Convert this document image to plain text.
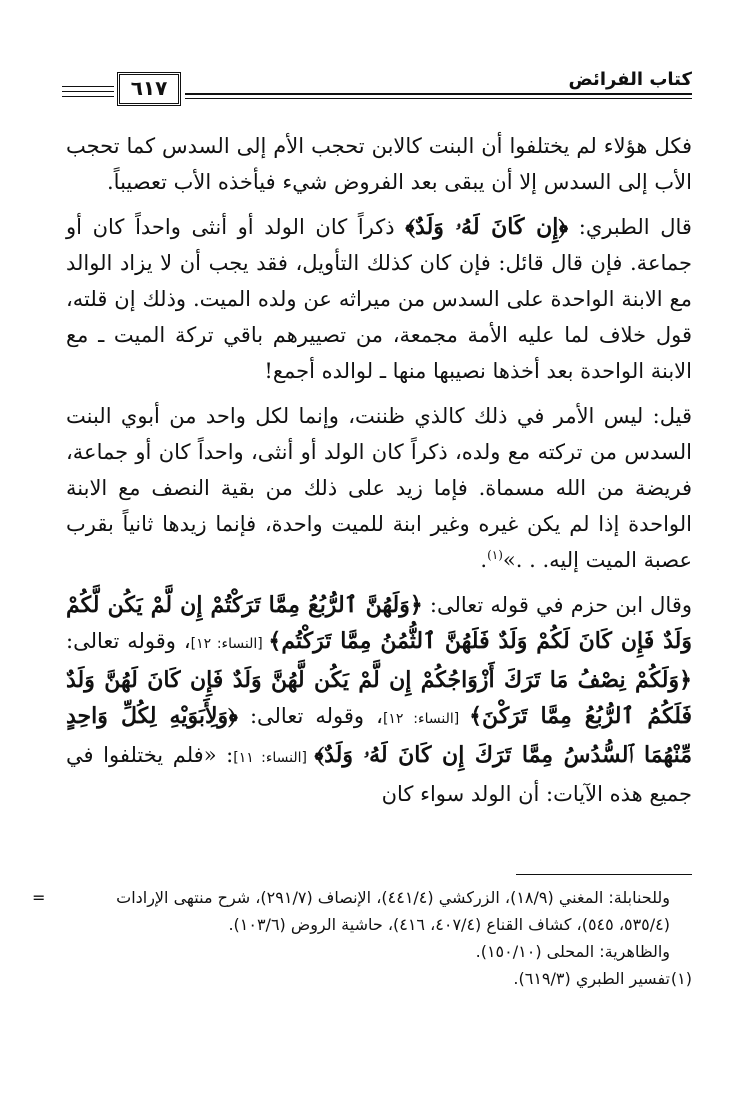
كتاب الفرائض
٦١٧

فكل هؤلاء لم يختلفوا أن البنت كالابن تحجب الأم إلى السدس كما تحجب الأب إلى السدس إلا أن يبقى بعد الفروض شيء فيأخذه الأب تعصيباً.

قال الطبري: ﴿إِن كَانَ لَهُۥ وَلَدٌ﴾ ذكراً كان الولد أو أنثى واحداً كان أو جماعة. فإن قال قائل: فإن كان كذلك التأويل، فقد يجب أن لا يزاد الوالد مع الابنة الواحدة على السدس من ميراثه عن ولده الميت. وذلك إن قلته، قول خلاف لما عليه الأمة مجمعة، من تصييرهم باقي تركة الميت ـ مع الابنة الواحدة بعد أخذها نصيبها منها ـ لوالده أجمع!

قيل: ليس الأمر في ذلك كالذي ظننت، وإنما لكل واحد من أبوي البنت السدس من تركته مع ولده، ذكراً كان الولد أو أنثى، واحداً كان أو جماعة، فريضة من الله مسماة. فإما زيد على ذلك من بقية النصف مع الابنة الواحدة إذا لم يكن غيره وغير ابنة للميت واحدة، فإنما زيدها ثانياً بقرب عصبة الميت إليه. . .»$^{(١)}$.

وقال ابن حزم في قوله تعالى: ﴿وَلَهُنَّ ٱلرُّبُعُ مِمَّا تَرَكْتُمْ إِن لَّمْ يَكُن لَّكُمْ وَلَدٌ فَإِن كَانَ لَكُمْ وَلَدٌ فَلَهُنَّ ٱلثُّمُنُ مِمَّا تَرَكْتُم﴾ [النساء: ١٢]، وقوله تعالى: ﴿وَلَكُمْ نِصْفُ مَا تَرَكَ أَزْوَاجُكُمْ إِن لَّمْ يَكُن لَّهُنَّ وَلَدٌ فَإِن كَانَ لَهُنَّ وَلَدٌ فَلَكُمُ ٱلرُّبُعُ مِمَّا تَرَكْنَ﴾ [النساء: ١٢]، وقوله تعالى: ﴿وَلِأَبَوَيْهِ لِكُلِّ وَاحِدٍ مِّنْهُمَا ٱلسُّدُسُ مِمَّا تَرَكَ إِن كَانَ لَهُۥ وَلَدٌ﴾ [النساء: ١١]: «فلم يختلفوا في جميع هذه الآيات: أن الولد سواء كان

=	وللحنابلة: المغني (١٨/٩)، الزركشي (٤٤١/٤)، الإنصاف (٢٩١/٧)، شرح منتهى الإرادات (٥٣٥/٤، ٥٤٥)، كشاف القناع (٤٠٧/٤، ٤١٦)، حاشية الروض (١٠٣/٦).

والظاهرية: المحلى (١٥٠/١٠).

(١)
تفسير الطبري (٦١٩/٣).
